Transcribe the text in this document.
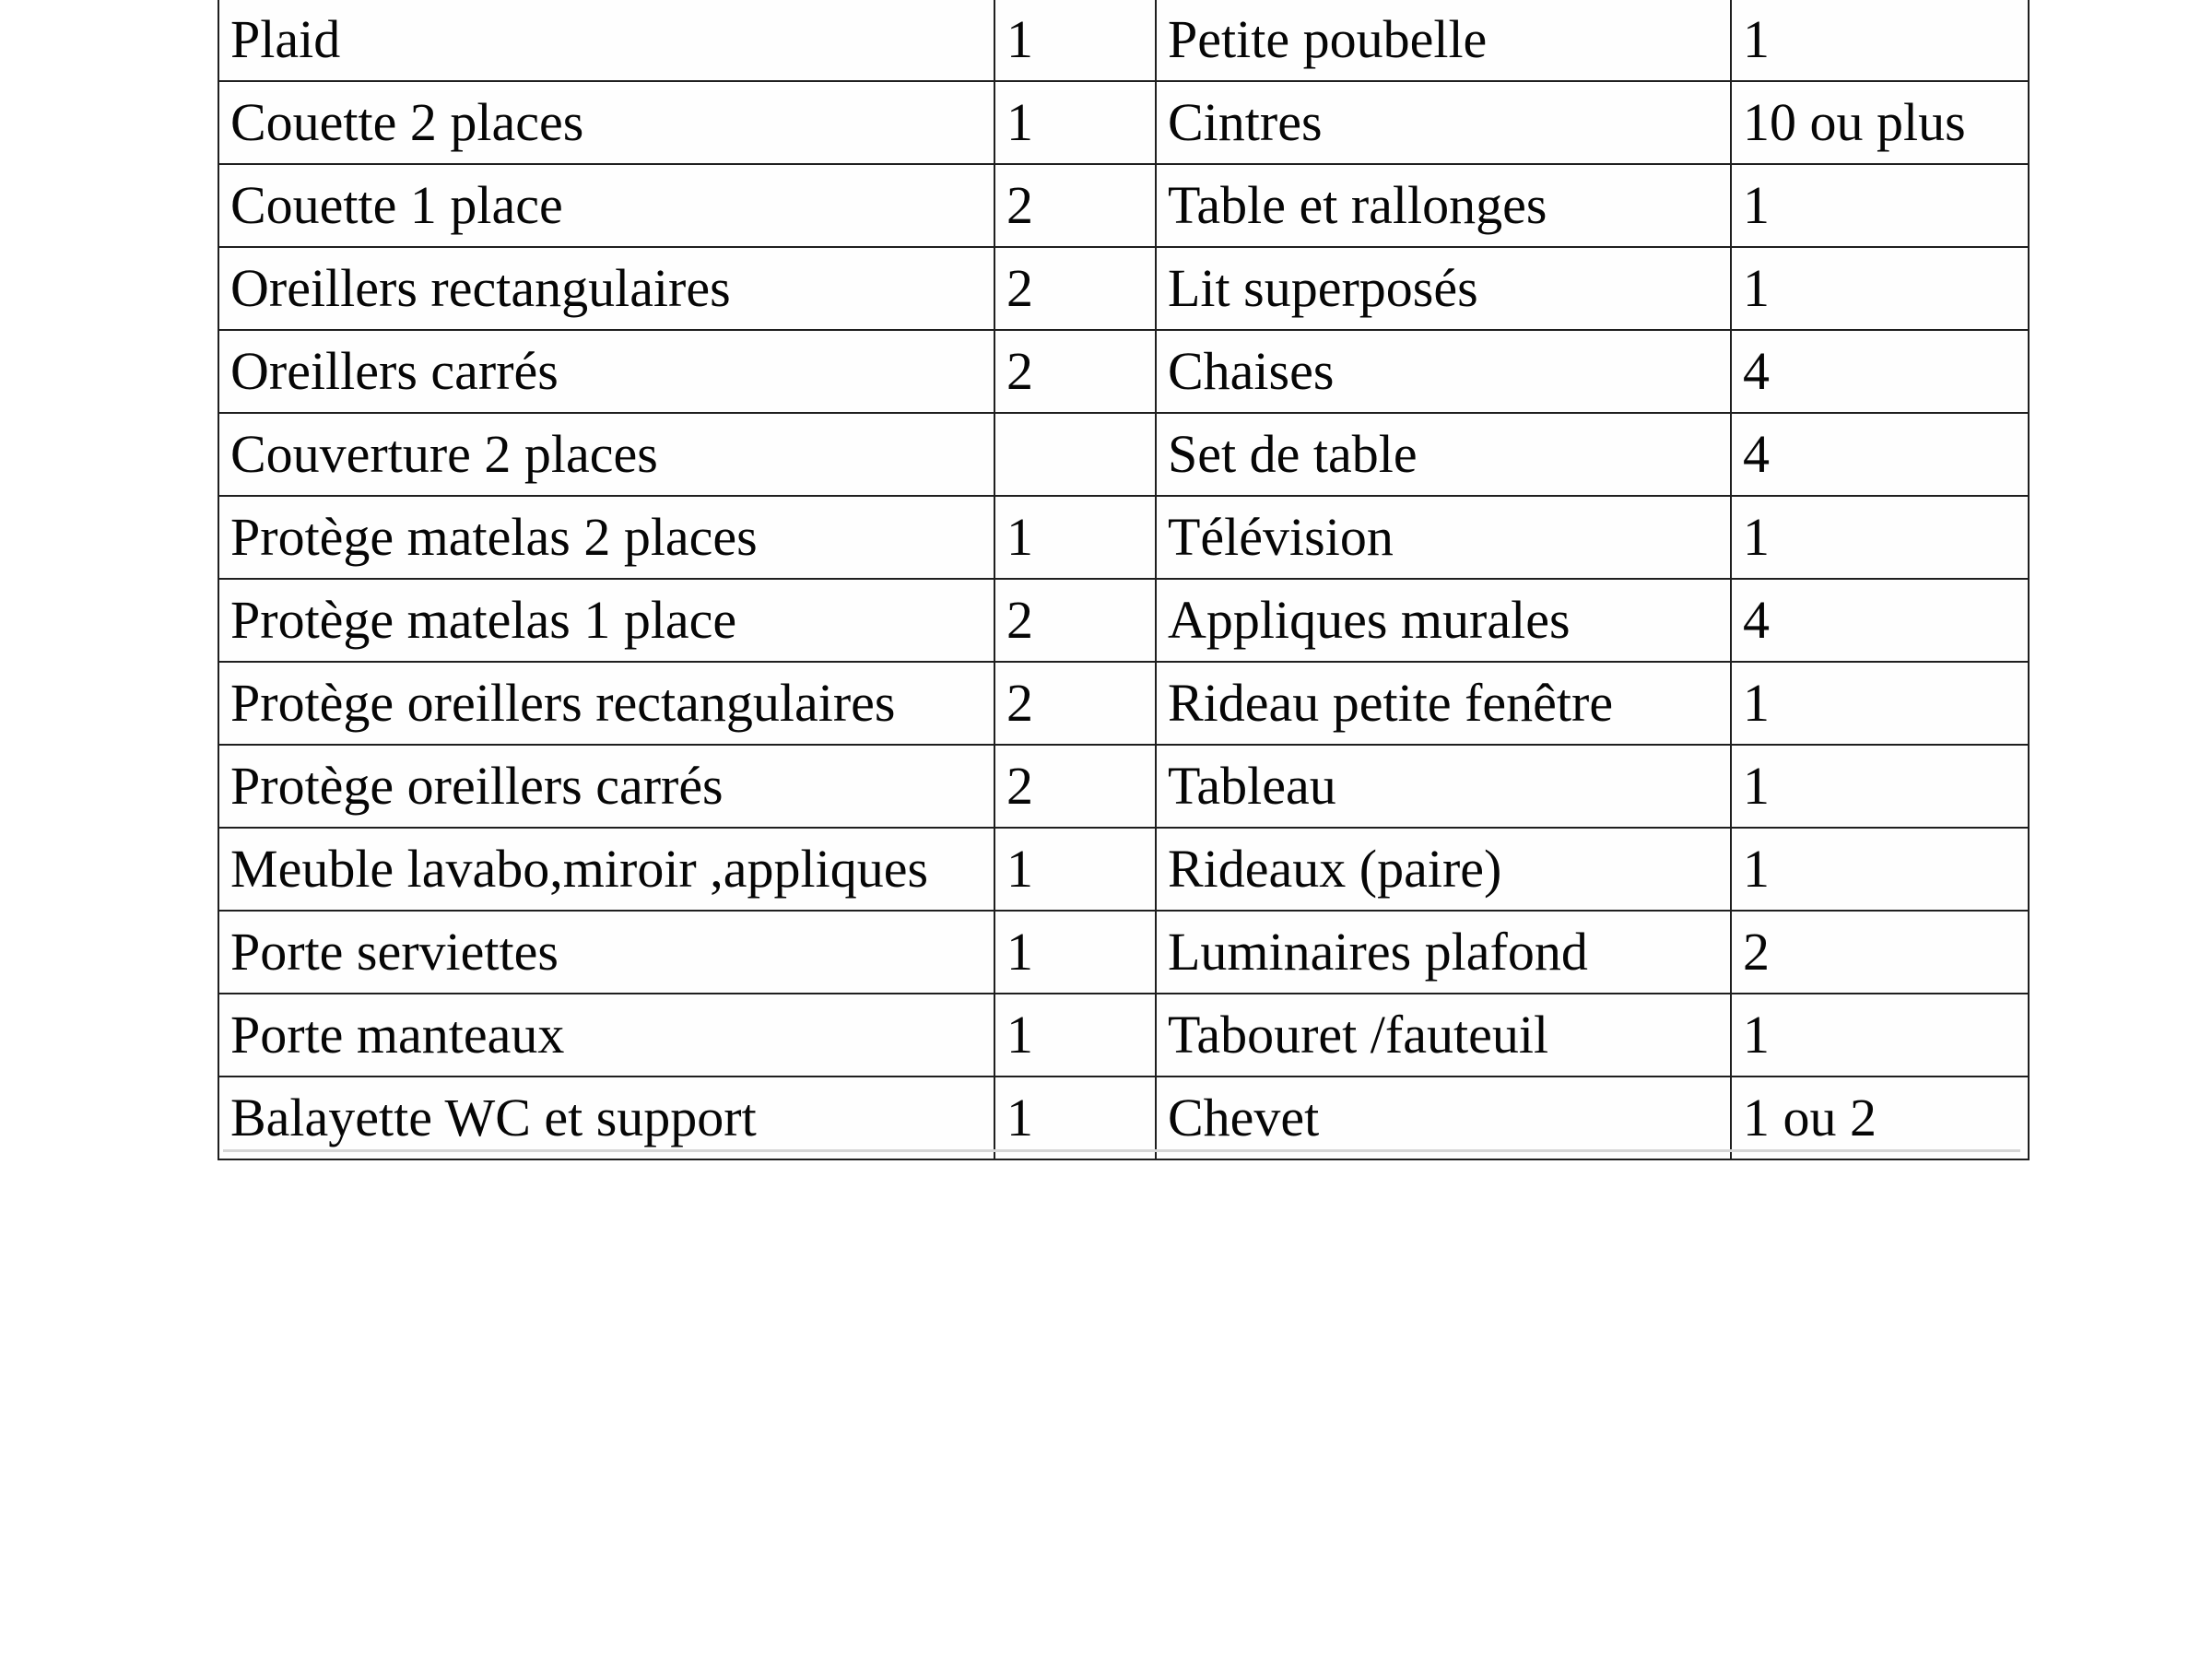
Plaid	1	Petite poubelle	1
Couette 2 places	1	Cintres	10 ou plus
Couette 1 place	2	Table et rallonges	1
Oreillers rectangulaires	2	Lit superposés	1
Oreillers carrés	2	Chaises	4
Couverture 2 places		Set de table	4
Protège matelas 2 places	1	Télévision	1
Protège matelas 1 place	2	Appliques murales	4
Protège oreillers rectangulaires	2	Rideau petite fenêtre	1
Protège oreillers carrés	2	Tableau	1
Meuble lavabo,miroir ,appliques	1	Rideaux (paire)	1
Porte serviettes	1	Luminaires plafond	2
Porte manteaux	1	Tabouret /fauteuil	1
Balayette WC et support	1	Chevet	1 ou 2
